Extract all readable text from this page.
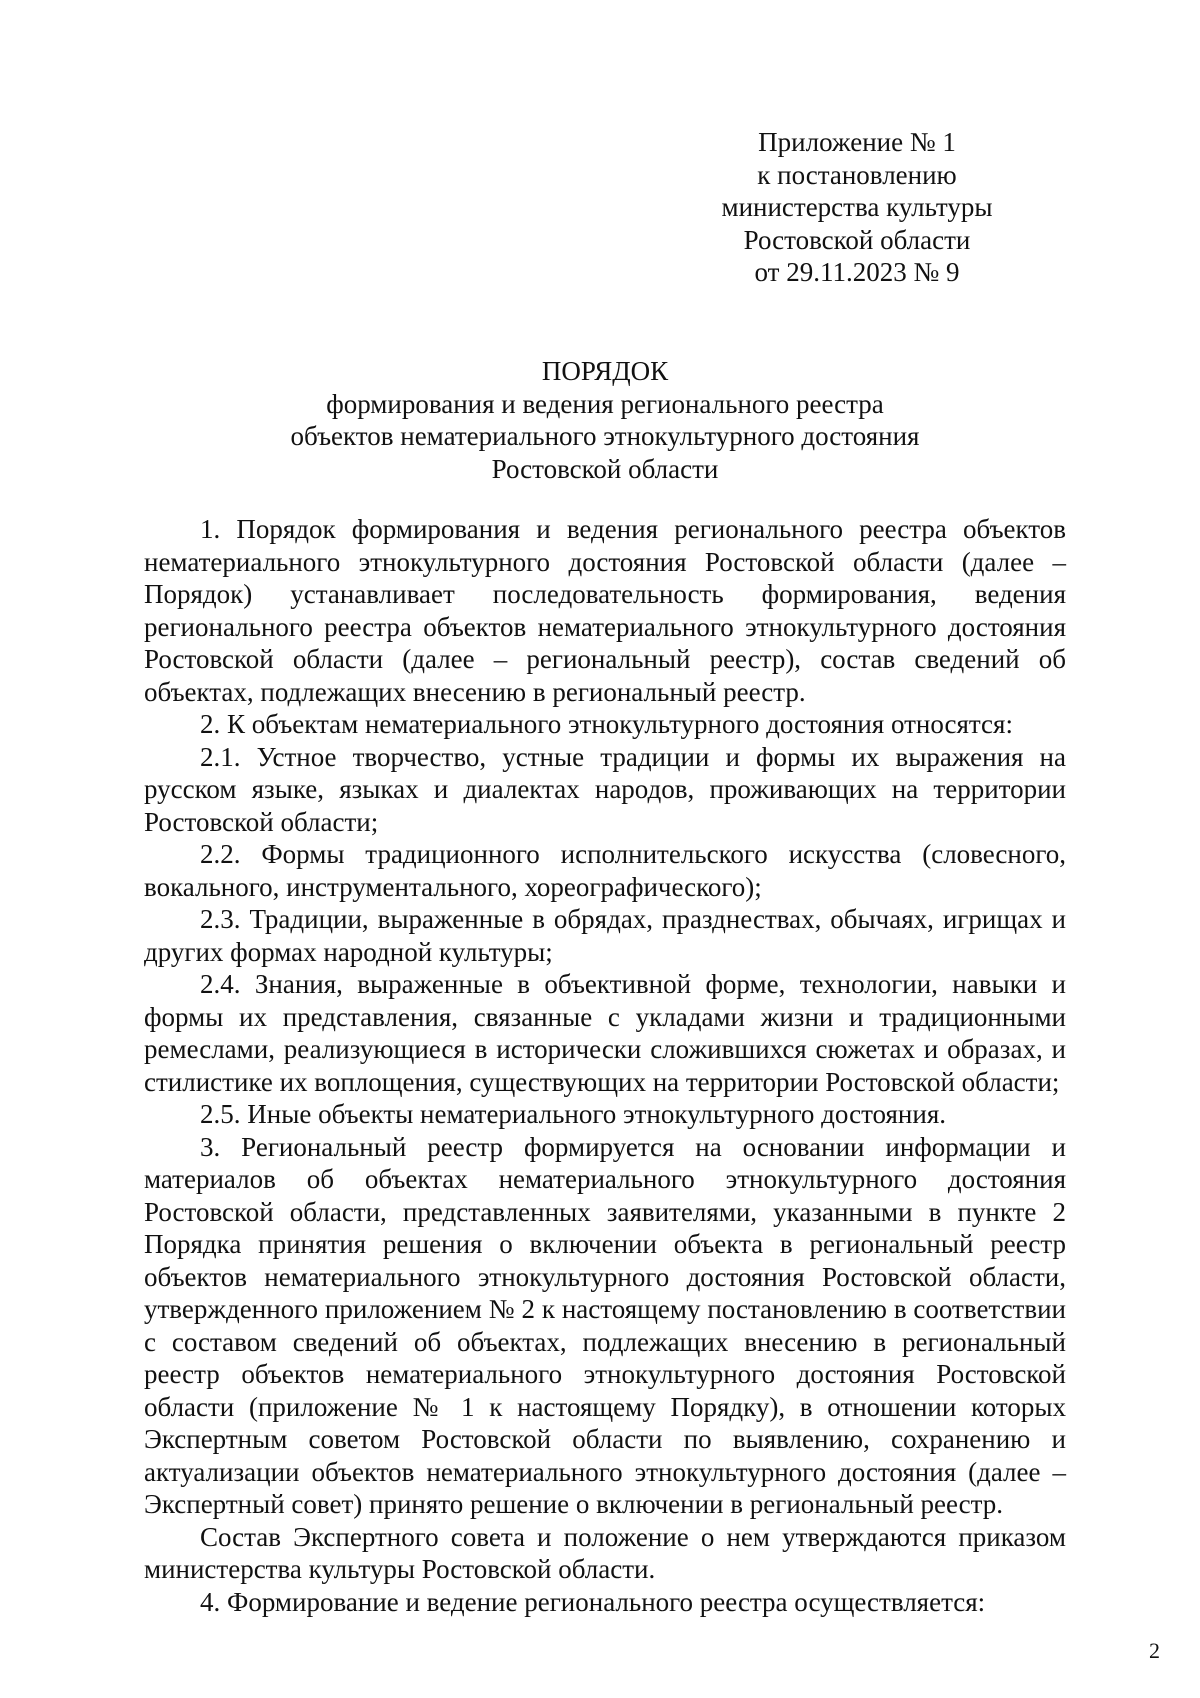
Приложение № 1
к постановлению
министерства культуры
Ростовской области
от 29.11.2023 № 9
ПОРЯДОК
формирования и ведения регионального реестра
объектов нематериального этнокультурного достояния
Ростовской области

1. Порядок формирования и ведения регионального реестра объектов нематериального этнокультурного достояния Ростовской области (далее – Порядок) устанавливает последовательность формирования, ведения регионального реестра объектов нематериального этнокультурного достояния Ростовской области (далее – региональный реестр), состав сведений об объектах, подлежащих внесению в региональный реестр.

2. К объектам нематериального этнокультурного достояния относятся:

2.1. Устное творчество, устные традиции и формы их выражения на русском языке, языках и диалектах народов, проживающих на территории Ростовской области;

2.2. Формы традиционного исполнительского искусства (словесного, вокального, инструментального, хореографического);

2.3. Традиции, выраженные в обрядах, празднествах, обычаях, игрищах и других формах народной культуры;

2.4. Знания, выраженные в объективной форме, технологии, навыки и формы их представления, связанные с укладами жизни и традиционными ремеслами, реализующиеся в исторически сложившихся сюжетах и образах, и стилистике их воплощения, существующих на территории Ростовской области;

2.5. Иные объекты нематериального этнокультурного достояния.

3. Региональный реестр формируется на основании информации и материалов об объектах нематериального этнокультурного достояния Ростовской области, представленных заявителями, указанными в пункте 2 Порядка принятия решения о включении объекта в региональный реестр объектов нематериального этнокультурного достояния Ростовской области, утвержденного приложением № 2 к настоящему постановлению в соответствии с составом сведений об объектах, подлежащих внесению в региональный реестр объектов нематериального этнокультурного достояния Ростовской области (приложение № 1 к настоящему Порядку), в отношении которых Экспертным советом Ростовской области по выявлению, сохранению и актуализации объектов нематериального этнокультурного достояния (далее – Экспертный совет) принято решение о включении в региональный реестр.

Состав Экспертного совета и положение о нем утверждаются приказом министерства культуры Ростовской области.

4. Формирование и ведение регионального реестра осуществляется:

2
